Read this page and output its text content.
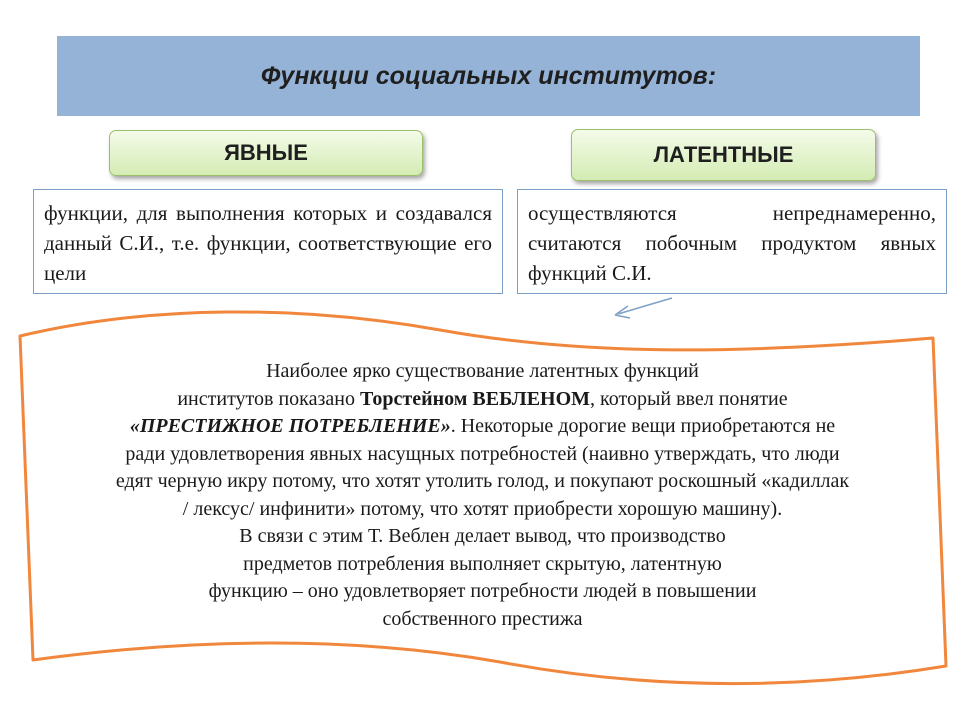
Функции социальных институтов:
ЯВНЫЕ	ЛАТЕНТНЫЕ
функции, для выполнения которых и создавался данный С.И., т.е. функции, соответствующие его цели
осуществляются непреднамеренно, считаются побочным продуктом явных функций С.И.

Наиболее ярко существование латентных функций

институтов показано Торстейном ВЕБЛЕНОМ, который ввел понятие

«ПРЕСТИЖНОЕ ПОТРЕБЛЕНИЕ». Некоторые дорогие вещи приобретаются не

ради удовлетворения явных насущных потребностей (наивно утверждать, что люди

едят черную икру потому, что хотят утолить голод, и покупают роскошный «кадиллак

/ лексус/ инфинити» потому, что хотят приобрести хорошую машину).

В связи с этим Т. Веблен делает вывод, что производство

предметов потребления выполняет скрытую, латентную

функцию – оно удовлетворяет потребности людей в повышении

собственного престижа
